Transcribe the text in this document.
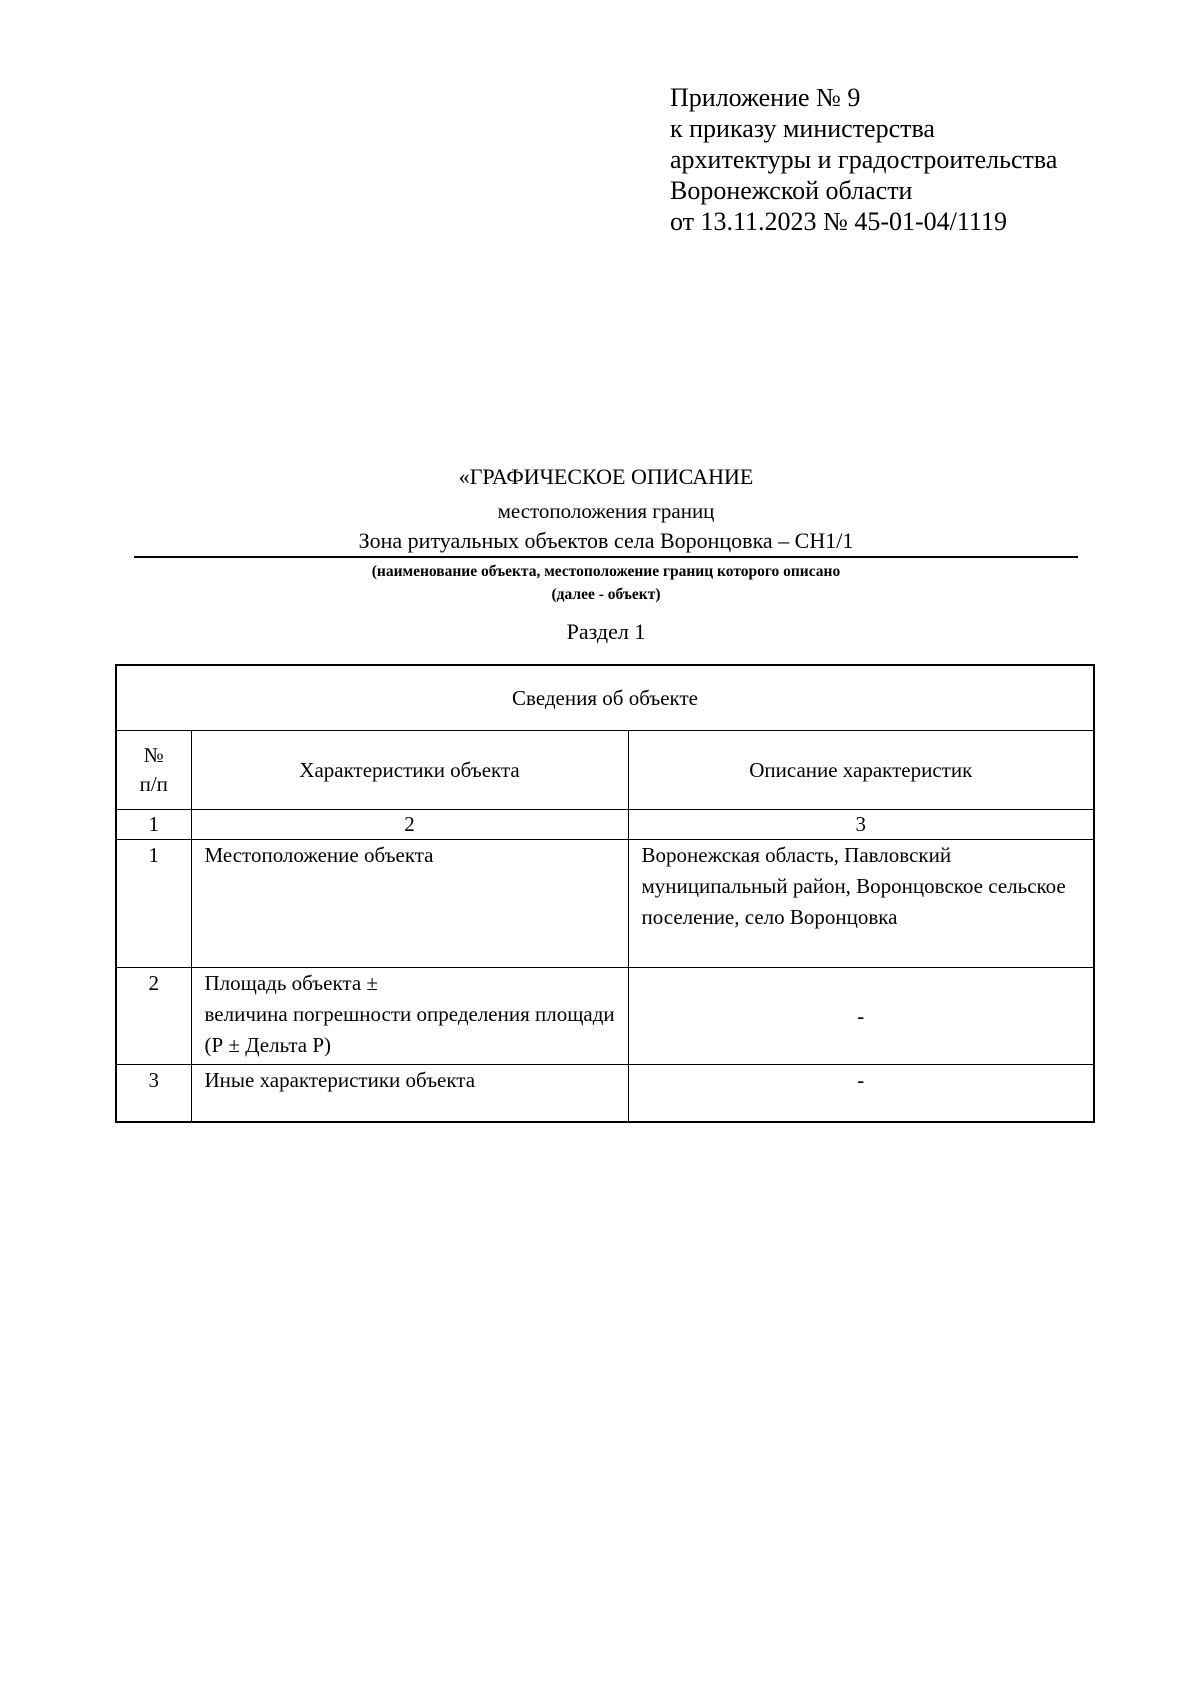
Приложение № 9
к приказу министерства
архитектуры и градостроительства
Воронежской области
от 13.11.2023 № 45-01-04/1119
«ГРАФИЧЕСКОЕ ОПИСАНИЕ
местоположения границ
Зона ритуальных объектов села Воронцовка – СН1/1
(наименование объекта, местоположение границ которого описано
(далее - объект)
Раздел 1
Сведения об объекте		

№
п/п	Характеристики объекта	Описание характеристик
1	2	3
1	Местоположение объекта	Воронежская область, Павловский муниципальный район, Воронцовское сельское поселение, село Воронцовка
2	Площадь объекта ±
величина погрешности определения площади (Р ± Дельта Р)	-
3	Иные характеристики объекта	-
